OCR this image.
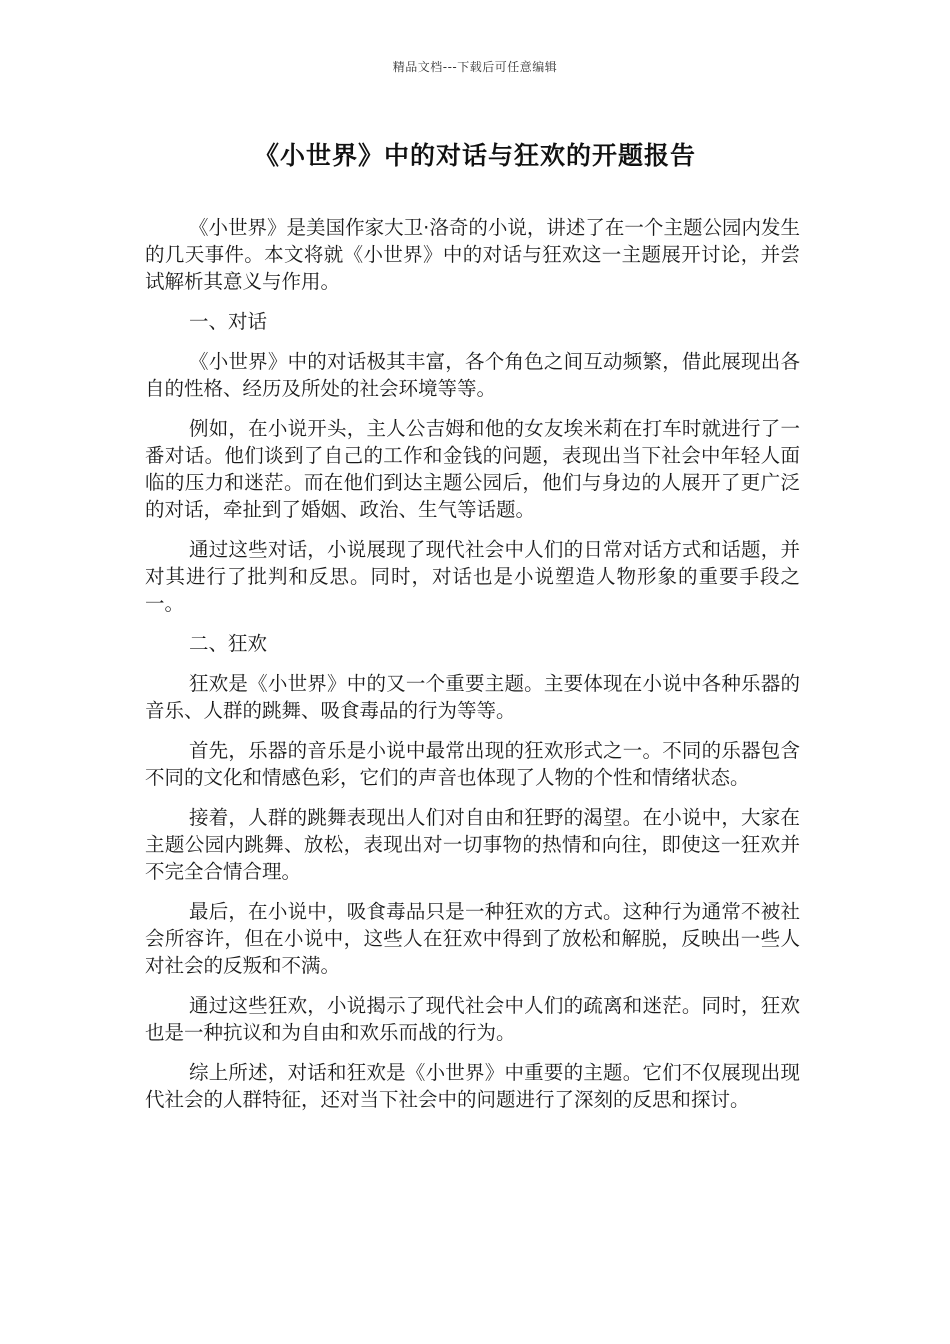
精品文档---下载后可任意编辑
《小世界》中的对话与狂欢的开题报告

《小世界》是美国作家大卫·洛奇的小说，讲述了在一个主题公园内发生的几天事件。本文将就《小世界》中的对话与狂欢这一主题展开讨论，并尝试解析其意义与作用。

一、对话

《小世界》中的对话极其丰富，各个角色之间互动频繁，借此展现出各自的性格、经历及所处的社会环境等等。

例如，在小说开头，主人公吉姆和他的女友埃米莉在打车时就进行了一番对话。他们谈到了自己的工作和金钱的问题，表现出当下社会中年轻人面临的压力和迷茫。而在他们到达主题公园后，他们与身边的人展开了更广泛的对话，牵扯到了婚姻、政治、生气等话题。

通过这些对话，小说展现了现代社会中人们的日常对话方式和话题，并对其进行了批判和反思。同时，对话也是小说塑造人物形象的重要手段之一。

二、狂欢

狂欢是《小世界》中的又一个重要主题。主要体现在小说中各种乐器的音乐、人群的跳舞、吸食毒品的行为等等。

首先，乐器的音乐是小说中最常出现的狂欢形式之一。不同的乐器包含不同的文化和情感色彩，它们的声音也体现了人物的个性和情绪状态。

接着，人群的跳舞表现出人们对自由和狂野的渴望。在小说中，大家在主题公园内跳舞、放松，表现出对一切事物的热情和向往，即使这一狂欢并不完全合情合理。

最后，在小说中，吸食毒品只是一种狂欢的方式。这种行为通常不被社会所容许，但在小说中，这些人在狂欢中得到了放松和解脱，反映出一些人对社会的反叛和不满。

通过这些狂欢，小说揭示了现代社会中人们的疏离和迷茫。同时，狂欢也是一种抗议和为自由和欢乐而战的行为。

综上所述，对话和狂欢是《小世界》中重要的主题。它们不仅展现出现代社会的人群特征，还对当下社会中的问题进行了深刻的反思和探讨。
